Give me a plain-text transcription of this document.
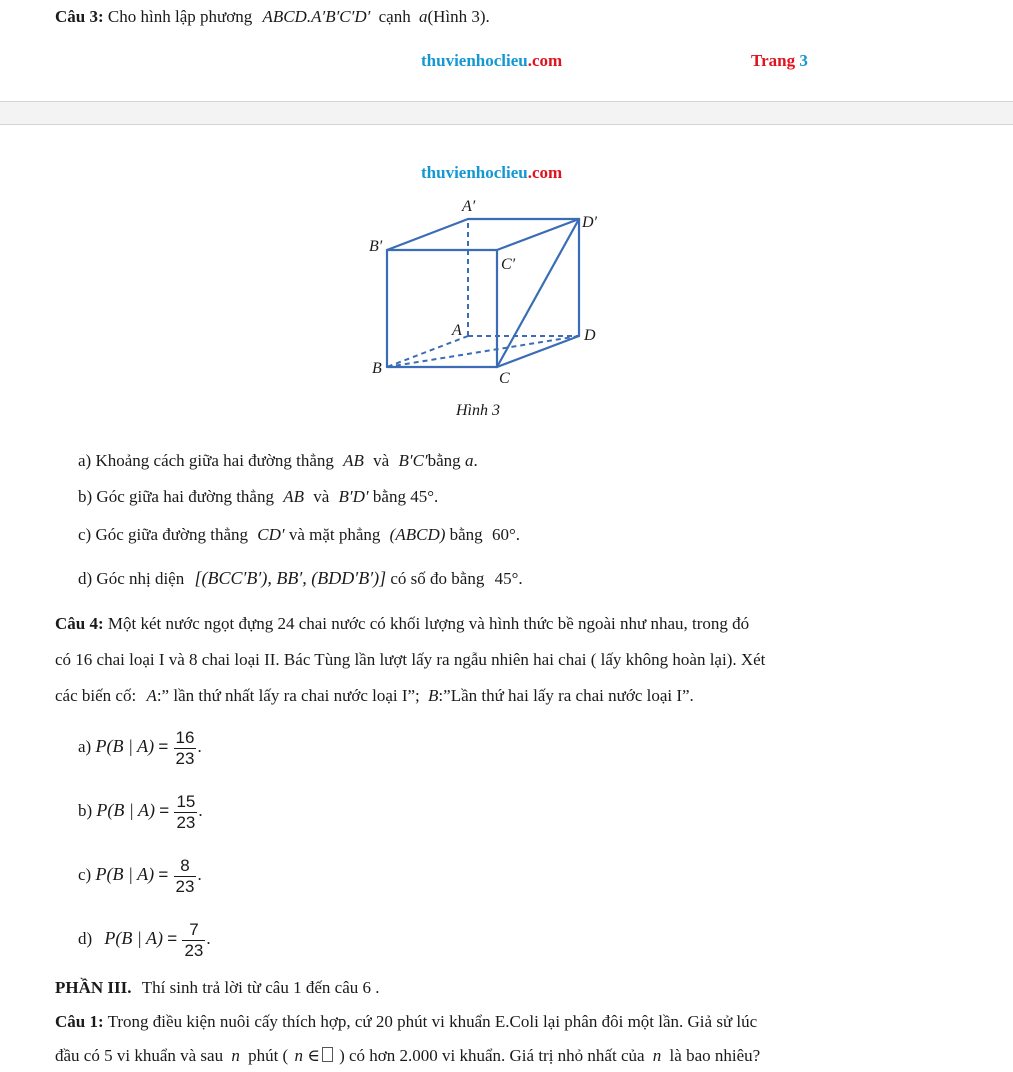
Câu 3: Cho hình lập phương ABCD.A′B′C′D′ cạnh a(Hình 3).
thuvienhoclieu.com	Trang 3
thuvienhoclieu.com
A′
D′
B′
C′
A	D
B
C
Hình 3
a) Khoảng cách giữa hai đường thẳng AB và B′C′bằng a.
b) Góc giữa hai đường thẳng AB và B′D′ bằng 45°.
c) Góc giữa đường thẳng CD′ và mặt phẳng (ABCD) bằng 60°.
d) Góc nhị diện [(BCC′B′), BB′, (BDD′B′)] có số đo bằng 45°.
Câu 4: Một két nước ngọt đựng 24 chai nước có khối lượng và hình thức bề ngoài như nhau, trong đó
có 16 chai loại I và 8 chai loại II. Bác Tùng lần lượt lấy ra ngẫu nhiên hai chai ( lấy không hoàn lại). Xét
các biến cố: A:” lần thứ nhất lấy ra chai nước loại I”; B:”Lần thứ hai lấy ra chai nước loại I”.
a) P(B | $A) = \frac{16}{23}$ .
b) P(B | $A) = \frac{15}{23}$ .
c) P(B | $A) = \frac{8}{23}$ .
d) P(B | $A) = \frac{7}{23}$ .
PHẦN III. Thí sinh trả lời từ câu 1 đến câu 6 .
Câu 1: Trong điều kiện nuôi cấy thích hợp, cứ 20 phút vi khuẩn E.Coli lại phân đôi một lần. Giả sử lúc
đầu có 5 vi khuẩn và sau n phút ( n ∈ ) có hơn 2.000 vi khuẩn. Giá trị nhỏ nhất của n là bao nhiêu?
